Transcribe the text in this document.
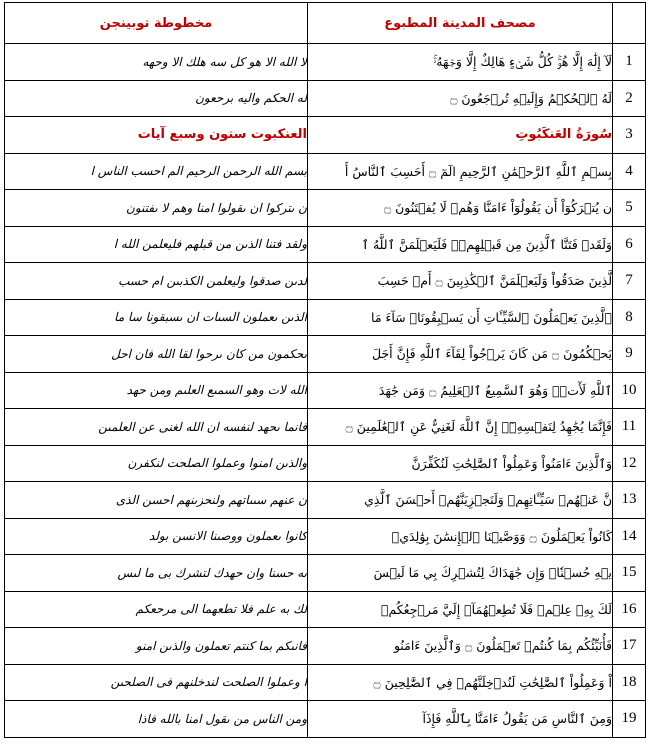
مخطوطة توبينجن	مصحف المدينة المطبوع	
لا الله الا هو كل سه هلك الا وحهه	لَآ إِلَٰهَ إِلَّا هُوَۚ كُلُّ شَيۡءٍ هَالِكٌ إِلَّا وَجۡهَهُۥۚ	1
له الحكم واليه برحعون	لَهُ ٱلۡحُكۡمُ وَإِلَيۡهِ تُرۡجَعُونَ ۝	2
العنكبوت ستون وسبع آيات	سُورَةُ العَنكَبُوتِ	3
بسم الله الرحمن الرحيم الم احسب الناس ا	بِسۡمِ ٱللَّهِ ٱلرَّحۡمَٰنِ ٱلرَّحِيمِ الٓمٓ ۝ أَحَسِبَ ٱلنَّاسُ أَ	4
ن ىتركوا ان ىقولوا امنا وهم لا ىفتنون	ن يُتۡرَكُوٓاْ أَن يَقُولُوٓاْ ءَامَنَّا وَهُمۡ لَا يُفۡتَنُونَ ۝	5
ولقد فتنا الذىن من قبلهم فليعلمن الله ا	وَلَقَدۡ فَتَنَّا ٱلَّذِينَ مِن قَبۡلِهِمۡۖ فَلَيَعۡلَمَنَّ ٱللَّهُ ٱ	6
لدىن صدقوا وليعلمن الكذبىن ام حسب	لَّذِينَ صَدَقُواْ وَلَيَعۡلَمَنَّ ٱلۡكَٰذِبِينَ ۝ أَمۡ حَسِبَ	7
الذىن ىعملون السىات ان ىسبقونا سا ما	ٱلَّذِينَ يَعۡمَلُونَ ٱلسَّيِّـَٔاتِ أَن يَسۡبِقُونَاۚ سَآءَ مَا	8
ىحكمون من كان ىرحوا لقا الله فان احل	يَحۡكُمُونَ ۝ مَن كَانَ يَرۡجُواْ لِقَآءَ ٱللَّهِ فَإِنَّ أَجَلَ	9
الله لات وهو السمىع العلىم ومن حهد	ٱللَّهِ لَأٓتٖۚ وَهُوَ ٱلسَّمِيعُ ٱلۡعَلِيمُ ۝ وَمَن جَٰهَدَ	10
فانما ىحهد لنفسه ان الله لغنى عن العلمىن	فَإِنَّمَا يُجَٰهِدُ لِنَفۡسِهِۦٓۚ إِنَّ ٱللَّهَ لَغَنِيٌّ عَنِ ٱلۡعَٰلَمِينَ ۝	11
والذىن امنوا وعملوا الصلحت لنكفرن	وَٱلَّذِينَ ءَامَنُواْ وَعَمِلُواْ ٱلصَّٰلِحَٰتِ لَنُكَفِّرَنَّ	12
ن عنهم سىىاتهم ولنحزىنهم احسن الذى	نَّ عَنۡهُمۡ سَيِّـَٔاتِهِمۡ وَلَنَجۡزِيَنَّهُمۡ أَحۡسَنَ ٱلَّذِي	13
كانوا ىعملون ووصىنا الانسن بولد	كَانُواْ يَعۡمَلُونَ ۝ وَوَصَّيۡنَا ٱلۡإِنسَٰنَ بِوَٰلِدَيۡ	14
ىه حسنا وان حهدك لتشرك بى ما لىس	يۡهِ حُسۡنٗاۖ وَإِن جَٰهَدَاكَ لِتُشۡرِكَ بِي مَا لَيۡسَ	15
لك به علم فلا تطعهما الى مرحعكم	لَكَ بِهِۦ عِلۡمٞ فَلَا تُطِعۡهُمَآۚ إِلَيَّ مَرۡجِعُكُمۡ	16
فانىكم بما كنتم تعملون والذىن امنو	فَأُنَبِّئُكُم بِمَا كُنتُمۡ تَعۡمَلُونَ ۝ وَٱلَّذِينَ ءَامَنُو	17
ا وعملوا الصلحت لندخلنهم فى الصلحىن	اْ وَعَمِلُواْ ٱلصَّٰلِحَٰتِ لَنُدۡخِلَنَّهُمۡ فِي ٱلصَّٰلِحِينَ ۝	18
ومن الناس من ىقول امنا بالله فاذا	وَمِنَ ٱلنَّاسِ مَن يَقُولُ ءَامَنَّا بِٱللَّهِ فَإِذَآ	19
